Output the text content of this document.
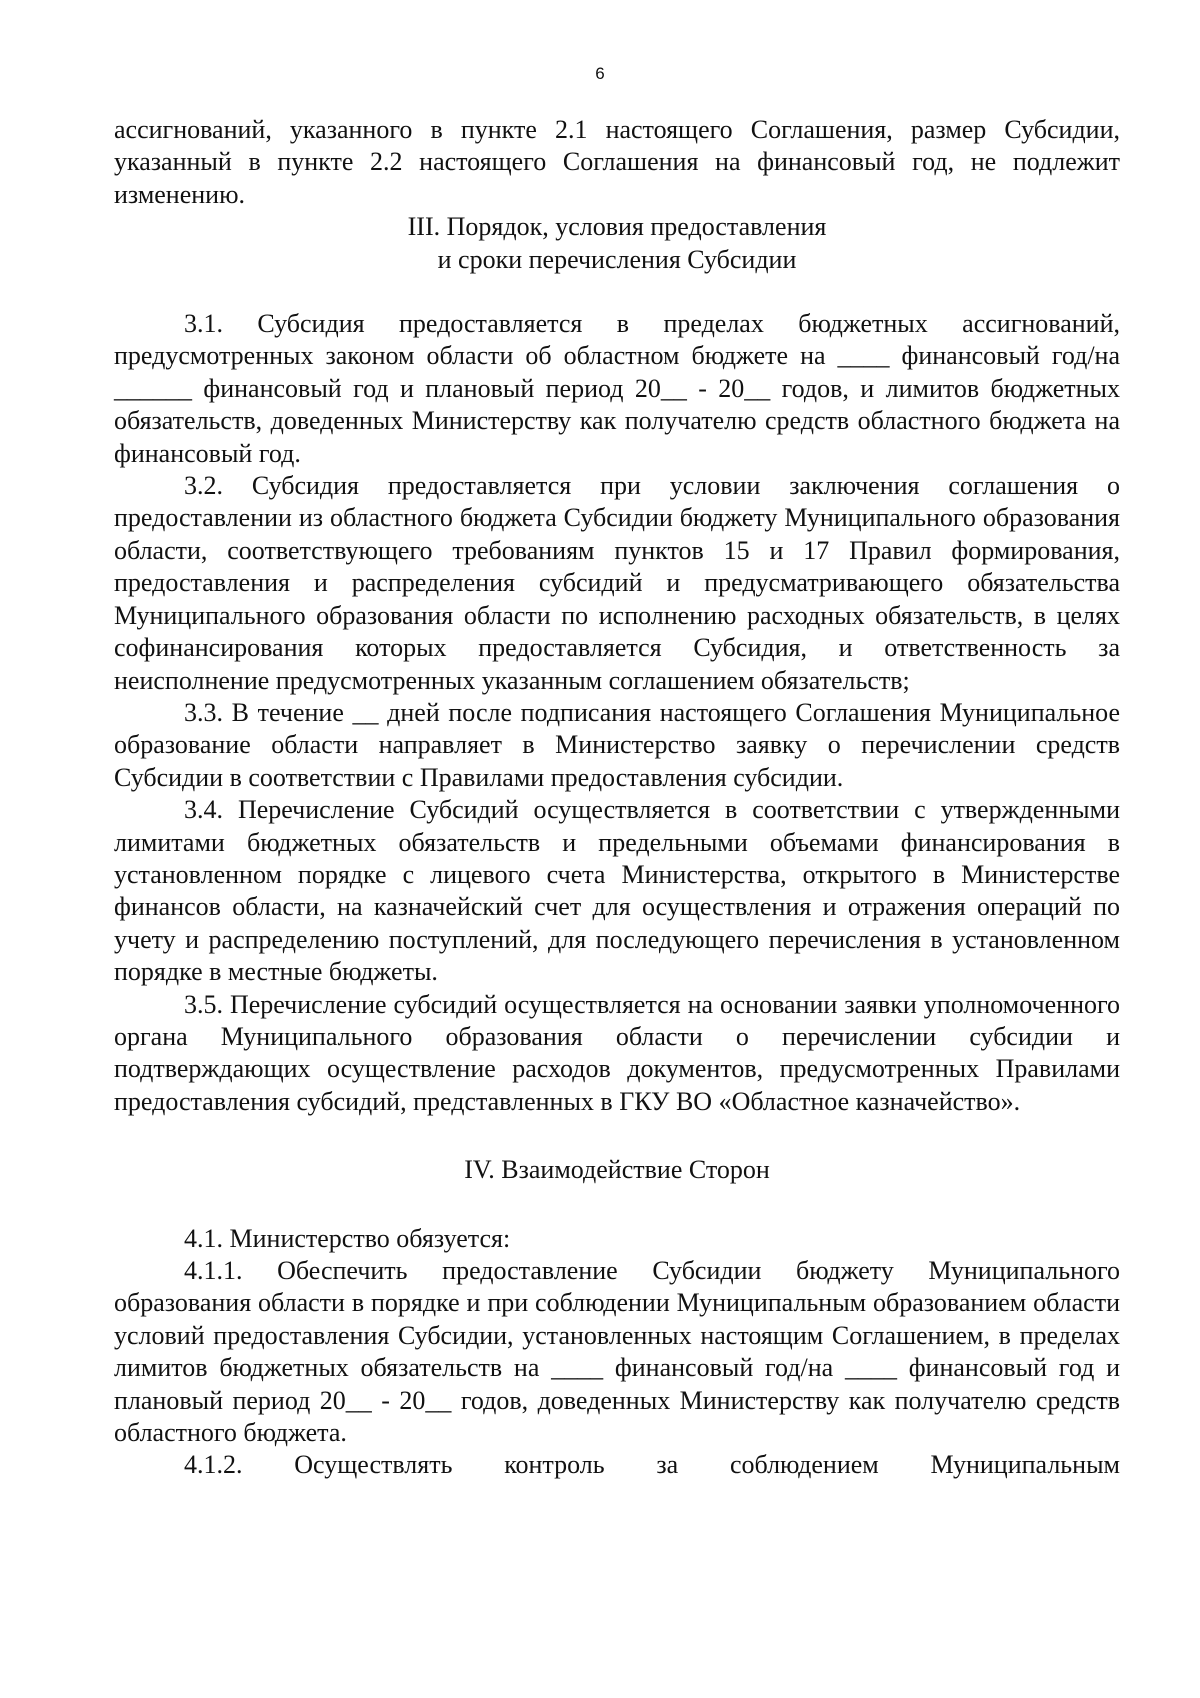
6

ассигнований, указанного в пункте 2.1 настоящего Соглашения, размер Субсидии, указанный в пункте 2.2 настоящего Соглашения на финансовый год, не подлежит изменению.

III. Порядок, условия предоставления
и сроки перечисления Субсидии

3.1. Субсидия предоставляется в пределах бюджетных ассигнований, предусмотренных законом области об областном бюджете на ____ финансовый год/на ______ финансовый год и плановый период 20__ - 20__ годов, и лимитов бюджетных обязательств, доведенных Министерству как получателю средств областного бюджета на финансовый год.

3.2. Субсидия предоставляется при условии заключения соглашения о предоставлении из областного бюджета Субсидии бюджету Муниципального образования области, соответствующего требованиям пунктов 15 и 17 Правил формирования, предоставления и распределения субсидий и предусматривающего обязательства Муниципального образования области по исполнению расходных обязательств, в целях софинансирования которых предоставляется Субсидия, и ответственность за неисполнение предусмотренных указанным соглашением обязательств;

3.3. В течение __ дней после подписания настоящего Соглашения Муниципальное образование области направляет в Министерство заявку о перечислении средств Субсидии в соответствии с Правилами предоставления субсидии.

3.4. Перечисление Субсидий осуществляется в соответствии с утвержденными лимитами бюджетных обязательств и предельными объемами финансирования в установленном порядке с лицевого счета Министерства, открытого в Министерстве финансов области, на казначейский счет для осуществления и отражения операций по учету и распределению поступлений, для последующего перечисления в установленном порядке в местные бюджеты.

3.5. Перечисление субсидий осуществляется на основании заявки уполномоченного органа Муниципального образования области о перечислении субсидии и подтверждающих осуществление расходов документов, предусмотренных Правилами предоставления субсидий, представленных в ГКУ ВО «Областное казначейство».

IV. Взаимодействие Сторон

4.1. Министерство обязуется:

4.1.1. Обеспечить предоставление Субсидии бюджету Муниципального образования области в порядке и при соблюдении Муниципальным образованием области условий предоставления Субсидии, установленных настоящим Соглашением, в пределах лимитов бюджетных обязательств на ____ финансовый год/на ____ финансовый год и плановый период 20__ - 20__ годов, доведенных Министерству как получателю средств областного бюджета.

4.1.2. Осуществлять контроль за соблюдением Муниципальным
